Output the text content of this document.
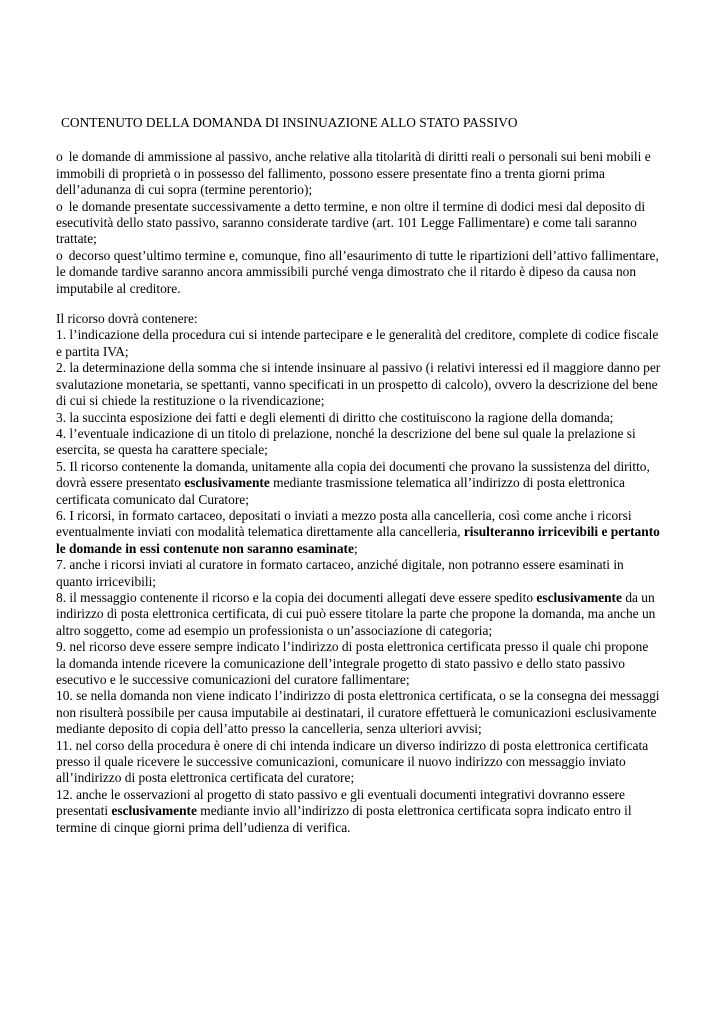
CONTENUTO DELLA DOMANDA DI INSINUAZIONE ALLO STATO PASSIVO

o le domande di ammissione al passivo, anche relative alla titolarità di diritti reali o personali sui beni mobili e immobili di proprietà o in possesso del fallimento, possono essere presentate fino a trenta giorni prima dell’adunanza di cui sopra (termine perentorio);

o le domande presentate successivamente a detto termine, e non oltre il termine di dodici mesi dal deposito di esecutività dello stato passivo, saranno considerate tardive (art. 101 Legge Fallimentare) e come tali saranno trattate;

o decorso quest’ultimo termine e, comunque, fino all’esaurimento di tutte le ripartizioni dell’attivo fallimentare, le domande tardive saranno ancora ammissibili purché venga dimostrato che il ritardo è dipeso da causa non imputabile al creditore.

Il ricorso dovrà contenere:

1. l’indicazione della procedura cui si intende partecipare e le generalità del creditore, complete di codice fiscale e partita IVA;

2. la determinazione della somma che si intende insinuare al passivo (i relativi interessi ed il maggiore danno per svalutazione monetaria, se spettanti, vanno specificati in un prospetto di calcolo), ovvero la descrizione del bene di cui si chiede la restituzione o la rivendicazione;

3. la succinta esposizione dei fatti e degli elementi di diritto che costituiscono la ragione della domanda;

4. l’eventuale indicazione di un titolo di prelazione, nonché la descrizione del bene sul quale la prelazione si esercita, se questa ha carattere speciale;

5. Il ricorso contenente la domanda, unitamente alla copia dei documenti che provano la sussistenza del diritto, dovrà essere presentato esclusivamente mediante trasmissione telematica all’indirizzo di posta elettronica certificata comunicato dal Curatore;

6. I ricorsi, in formato cartaceo, depositati o inviati a mezzo posta alla cancelleria, così come anche i ricorsi eventualmente inviati con modalità telematica direttamente alla cancelleria, risulteranno irricevibili e pertanto le domande in essi contenute non saranno esaminate;

7. anche i ricorsi inviati al curatore in formato cartaceo, anziché digitale, non potranno essere esaminati in quanto irricevibili;

8. il messaggio contenente il ricorso e la copia dei documenti allegati deve essere spedito esclusivamente da un indirizzo di posta elettronica certificata, di cui può essere titolare la parte che propone la domanda, ma anche un altro soggetto, come ad esempio un professionista o un’associazione di categoria;

9. nel ricorso deve essere sempre indicato l’indirizzo di posta elettronica certificata presso il quale chi propone la domanda intende ricevere la comunicazione dell’integrale progetto di stato passivo e dello stato passivo esecutivo e le successive comunicazioni del curatore fallimentare;

10. se nella domanda non viene indicato l’indirizzo di posta elettronica certificata, o se la consegna dei messaggi non risulterà possibile per causa imputabile ai destinatari, il curatore effettuerà le comunicazioni esclusivamente mediante deposito di copia dell’atto presso la cancelleria, senza ulteriori avvisi;

11. nel corso della procedura è onere di chi intenda indicare un diverso indirizzo di posta elettronica certificata presso il quale ricevere le successive comunicazioni, comunicare il nuovo indirizzo con messaggio inviato all’indirizzo di posta elettronica certificata del curatore;

12. anche le osservazioni al progetto di stato passivo e gli eventuali documenti integrativi dovranno essere presentati esclusivamente mediante invio all’indirizzo di posta elettronica certificata sopra indicato entro il termine di cinque giorni prima dell’udienza di verifica.
